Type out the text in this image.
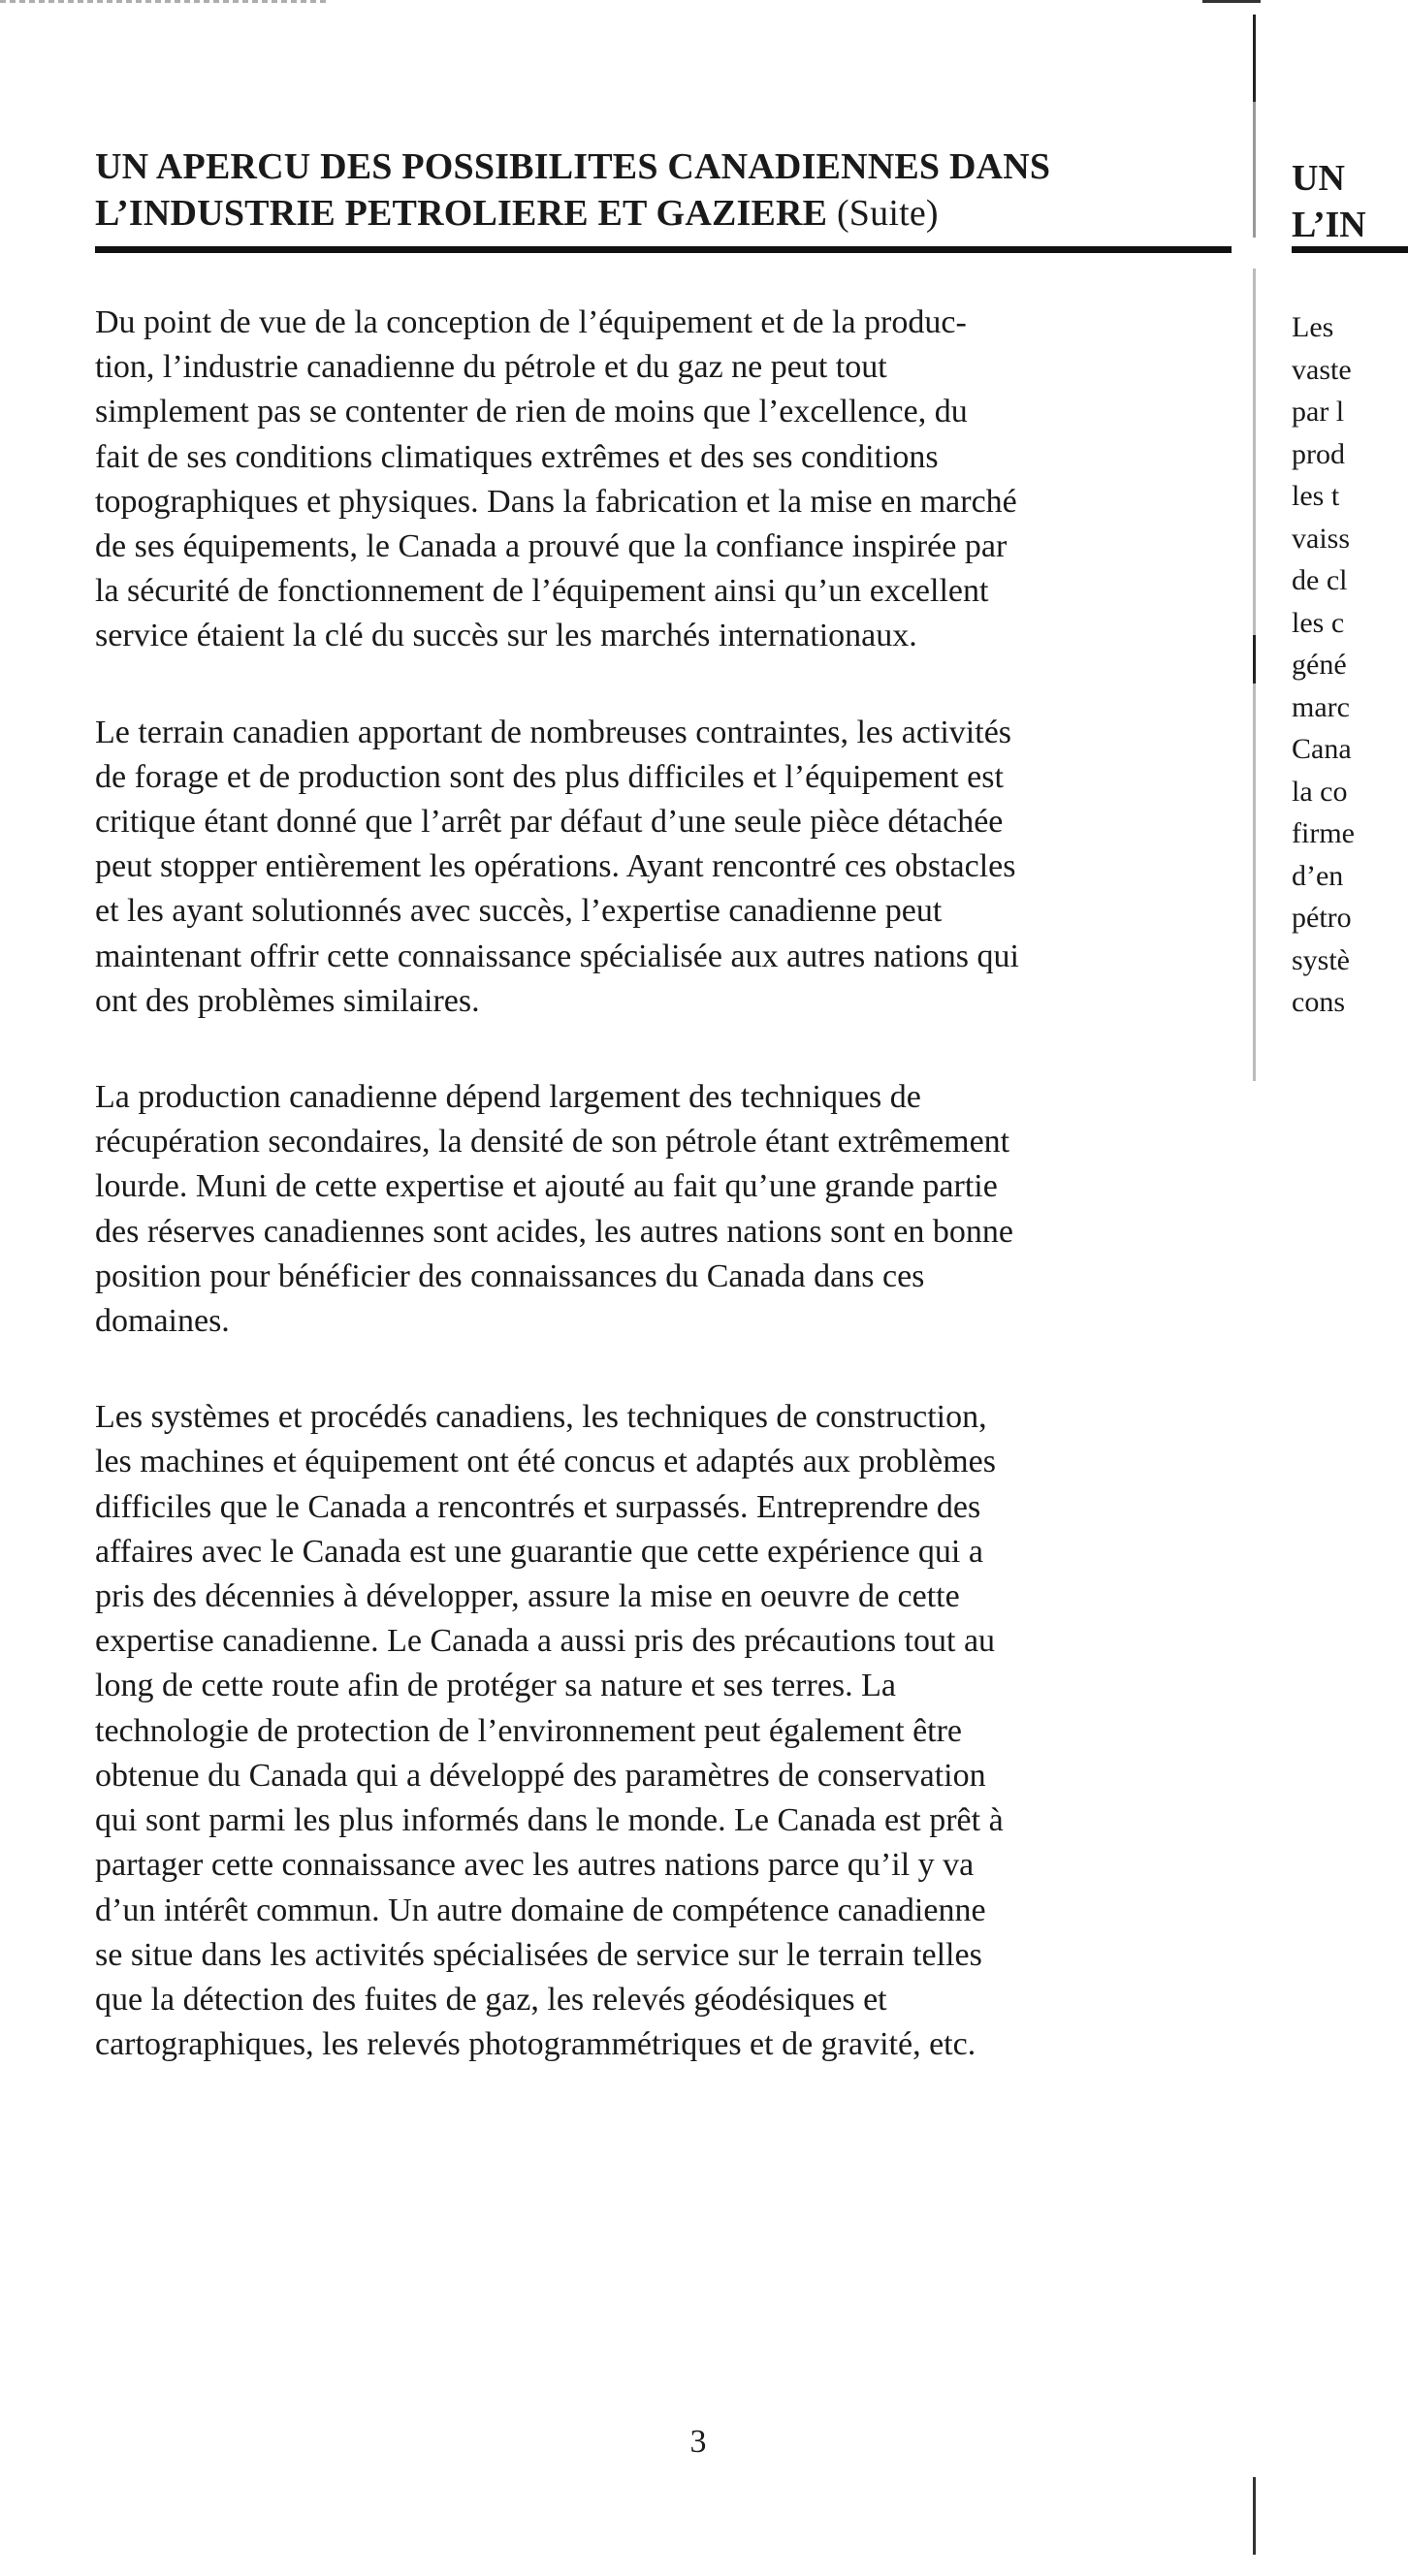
UN APERCU DES POSSIBILITES CANADIENNES DANS
L’INDUSTRIE PETROLIERE ET GAZIERE (Suite)

Du point de vue de la conception de l’équipement et de la produc-
tion, l’industrie canadienne du pétrole et du gaz ne peut tout
simplement pas se contenter de rien de moins que l’excellence, du
fait de ses conditions climatiques extrêmes et des ses conditions
topographiques et physiques. Dans la fabrication et la mise en marché
de ses équipements, le Canada a prouvé que la confiance inspirée par
la sécurité de fonctionnement de l’équipement ainsi qu’un excellent
service étaient la clé du succès sur les marchés internationaux.

Le terrain canadien apportant de nombreuses contraintes, les activités
de forage et de production sont des plus difficiles et l’équipement est
critique étant donné que l’arrêt par défaut d’une seule pièce détachée
peut stopper entièrement les opérations. Ayant rencontré ces obstacles
et les ayant solutionnés avec succès, l’expertise canadienne peut
maintenant offrir cette connaissance spécialisée aux autres nations qui
ont des problèmes similaires.

La production canadienne dépend largement des techniques de
récupération secondaires, la densité de son pétrole étant extrêmement
lourde. Muni de cette expertise et ajouté au fait qu’une grande partie
des réserves canadiennes sont acides, les autres nations sont en bonne
position pour bénéficier des connaissances du Canada dans ces
domaines.

Les systèmes et procédés canadiens, les techniques de construction,
les machines et équipement ont été concus et adaptés aux problèmes
difficiles que le Canada a rencontrés et surpassés. Entreprendre des
affaires avec le Canada est une guarantie que cette expérience qui a
pris des décennies à développer, assure la mise en oeuvre de cette
expertise canadienne. Le Canada a aussi pris des précautions tout au
long de cette route afin de protéger sa nature et ses terres. La
technologie de protection de l’environnement peut également être
obtenue du Canada qui a développé des paramètres de conservation
qui sont parmi les plus informés dans le monde. Le Canada est prêt à
partager cette connaissance avec les autres nations parce qu’il y va
d’un intérêt commun. Un autre domaine de compétence canadienne
se situe dans les activités spécialisées de service sur le terrain telles
que la détection des fuites de gaz, les relevés géodésiques et
cartographiques, les relevés photogrammétriques et de gravité, etc.

3
UN
L’IN
Les
vaste
par l
prod
les t
vaiss
de cl
les c
géné
marc
Cana
la co
firme
d’en
pétro
systè
cons
